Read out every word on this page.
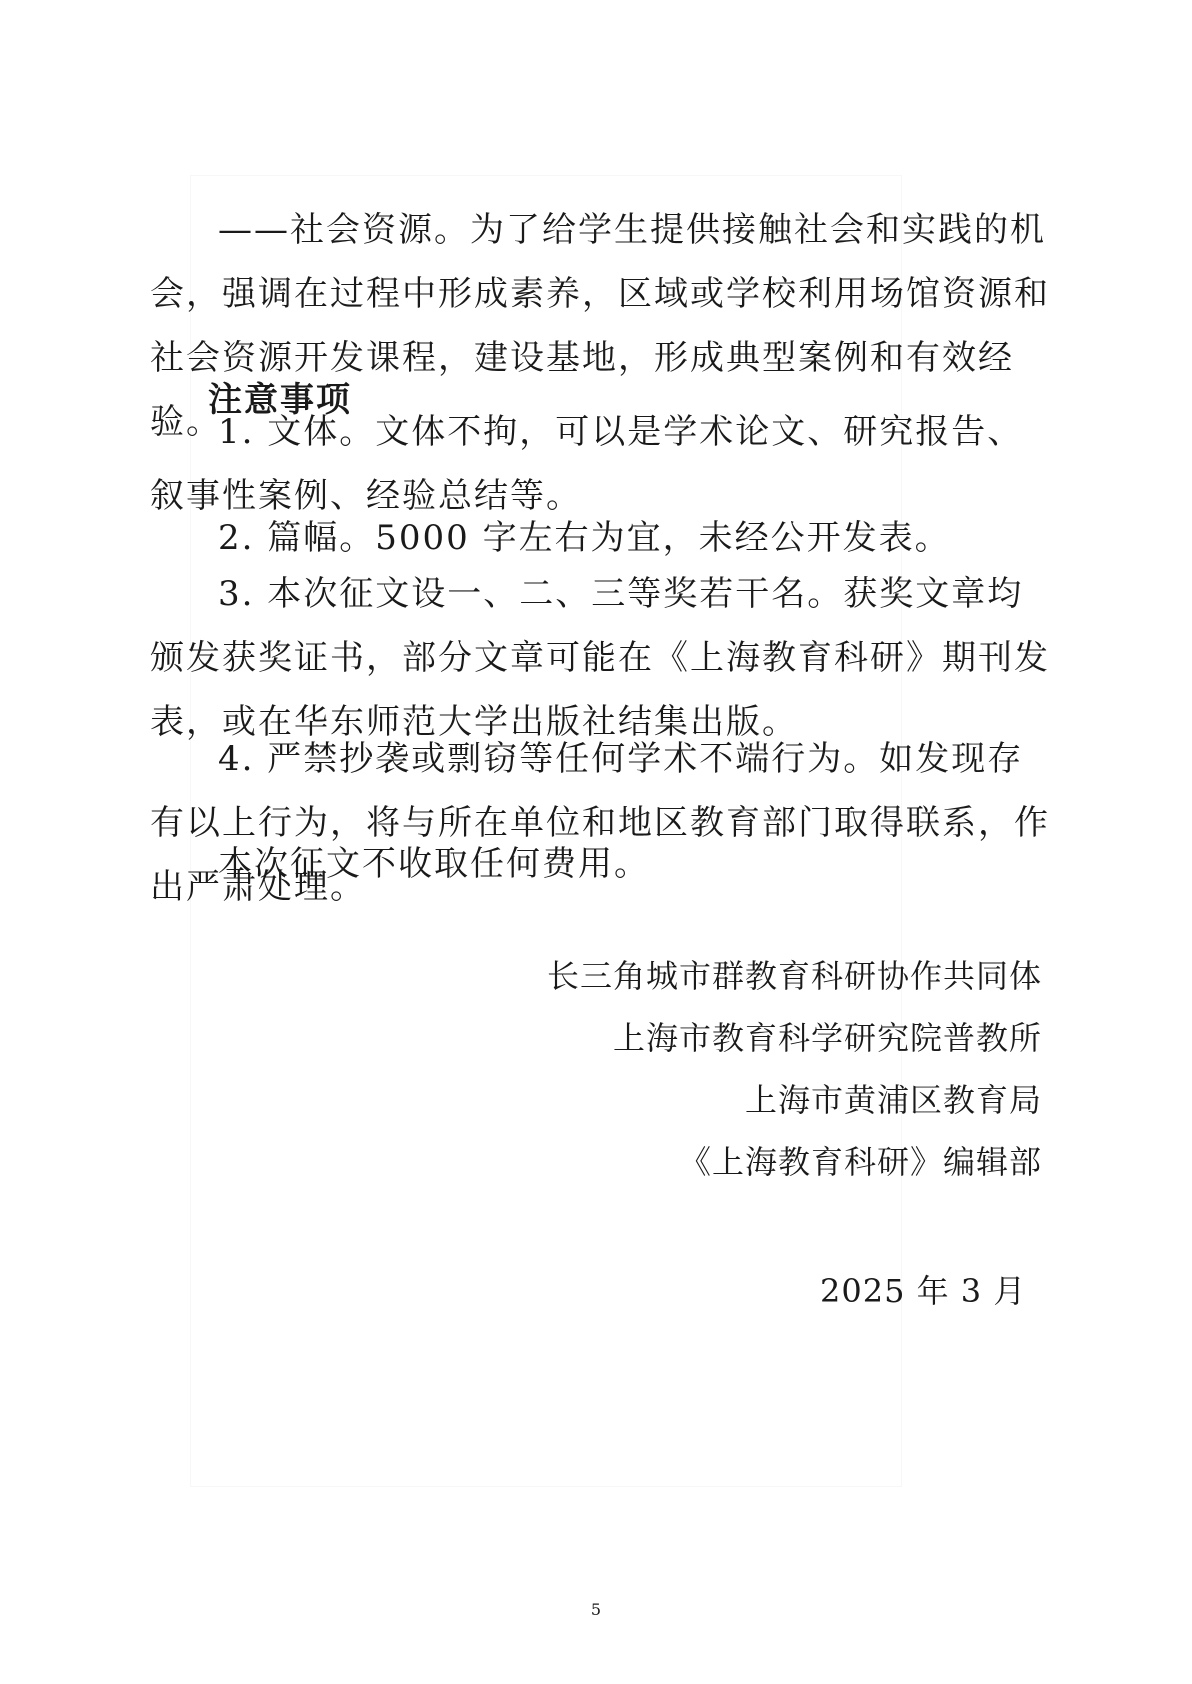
——社会资源。为了给学生提供接触社会和实践的机会，强调在过程中形成素养，区域或学校利用场馆资源和社会资源开发课程，建设基地，形成典型案例和有效经验。

注意事项

1. 文体。文体不拘，可以是学术论文、研究报告、叙事性案例、经验总结等。

2. 篇幅。5000 字左右为宜，未经公开发表。

3. 本次征文设一、二、三等奖若干名。获奖文章均颁发获奖证书，部分文章可能在《上海教育科研》期刊发表，或在华东师范大学出版社结集出版。

4. 严禁抄袭或剽窃等任何学术不端行为。如发现存有以上行为，将与所在单位和地区教育部门取得联系，作出严肃处理。

本次征文不收取任何费用。

长三角城市群教育科研协作共同体
上海市教育科学研究院普教所
上海市黄浦区教育局
《上海教育科研》编辑部
2025 年 3 月
5
